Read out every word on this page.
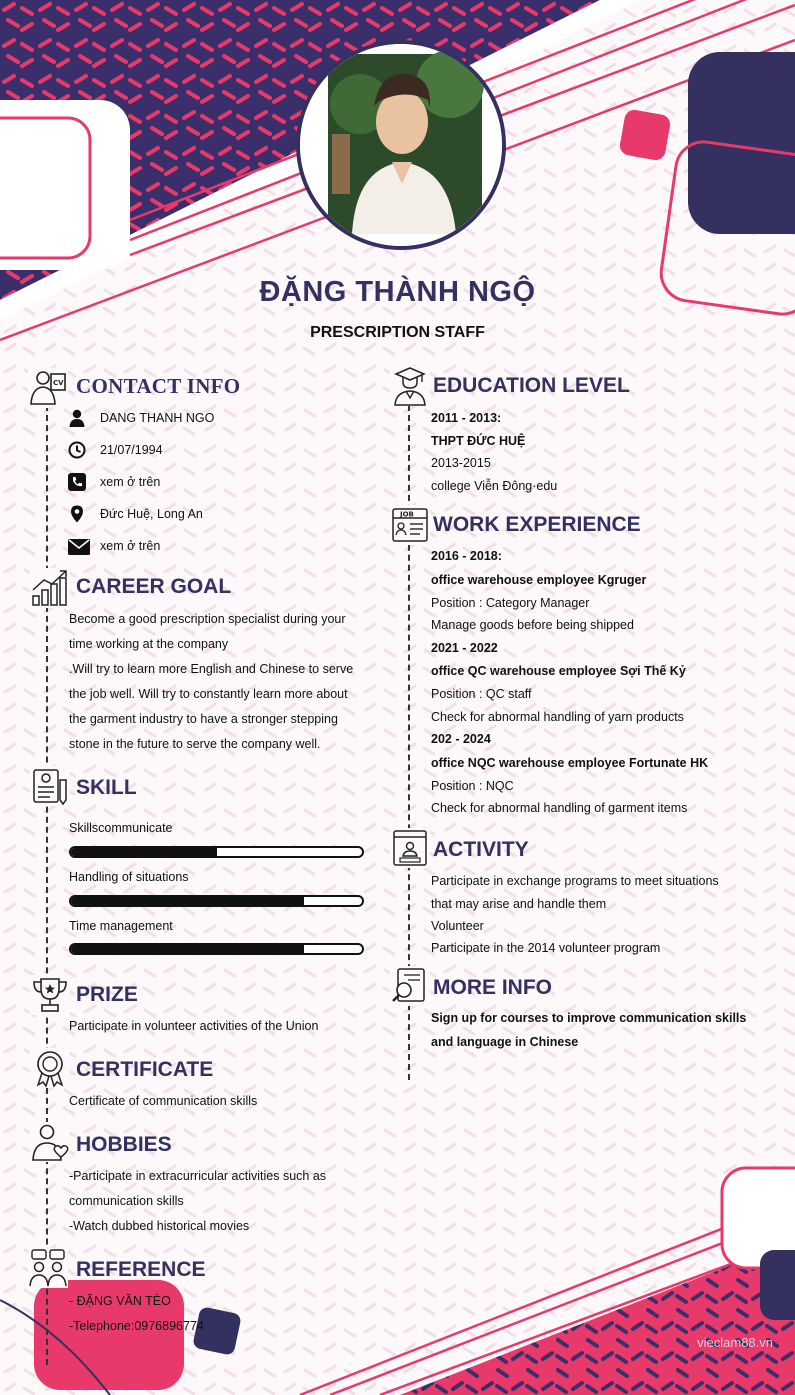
ĐẶNG THÀNH NGỘ
PRESCRIPTION STAFF
CV CONTACT INFO
DANG THANH NGO
21/07/1994
xem ở trên
Đức Huệ, Long An
xem ở trên
CAREER GOAL
Become a good prescription specialist during your
time working at the company
.Will try to learn more English and Chinese to serve
the job well. Will try to constantly learn more about
the garment industry to have a stronger stepping
stone in the future to serve the company well.
SKILL
Skillscommunicate
Handling of situations
Time management
PRIZE
Participate in volunteer activities of the Union
CERTIFICATE
Certificate of communication skills
HOBBIES
-Participate in extracurricular activities such as
communication skills
-Watch dubbed historical movies
REFERENCE
- ĐẶNG VĂN TÈO
-Telephone:0976896774
EDUCATION LEVEL
2011 - 2013:
THPT ĐỨC HUỆ
2013-2015
college Viễn Đông·edu
JOB WORK EXPERIENCE
2016 - 2018:
office warehouse employee Kgruger
Position : Category Manager
Manage goods before being shipped
2021 - 2022
office QC warehouse employee Sợi Thế Kỷ
Position : QC staff
Check for abnormal handling of yarn products
202 - 2024
office NQC warehouse employee Fortunate HK
Position : NQC
Check for abnormal handling of garment items
ACTIVITY
Participate in exchange programs to meet situations
that may arise and handle them
Volunteer
Participate in the 2014 volunteer program
MORE INFO
Sign up for courses to improve communication skills
and language in Chinese
vieclam88.vn
